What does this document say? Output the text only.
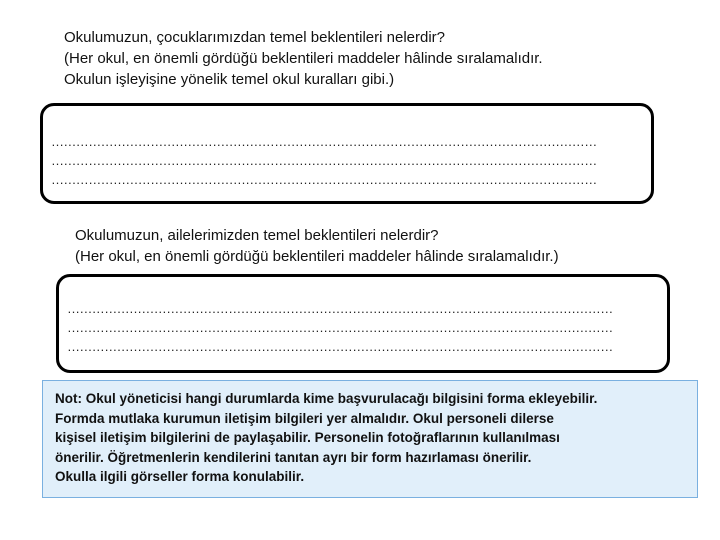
Okulumuzun, çocuklarımızdan temel beklentileri nelerdir?
(Her okul, en önemli gördüğü beklentileri maddeler hâlinde sıralamalıdır.
Okulun işleyişine yönelik temel okul kuralları gibi.)
……………………………………………………………………………………………………………………
……………………………………………………………………………………………………………………
……………………………………………………………………………………………………………………
Okulumuzun, ailelerimizden temel beklentileri nelerdir?
(Her okul, en önemli gördüğü beklentileri maddeler hâlinde sıralamalıdır.)
……………………………………………………………………………………………………………………
……………………………………………………………………………………………………………………
……………………………………………………………………………………………………………………
Not: Okul yöneticisi hangi durumlarda kime başvurulacağı bilgisini forma ekleyebilir.
Formda mutlaka kurumun iletişim bilgileri yer almalıdır. Okul personeli dilerse
kişisel iletişim bilgilerini de paylaşabilir. Personelin fotoğraflarının kullanılması
önerilir. Öğretmenlerin kendilerini tanıtan ayrı bir form hazırlaması önerilir.
Okulla ilgili görseller forma konulabilir.
